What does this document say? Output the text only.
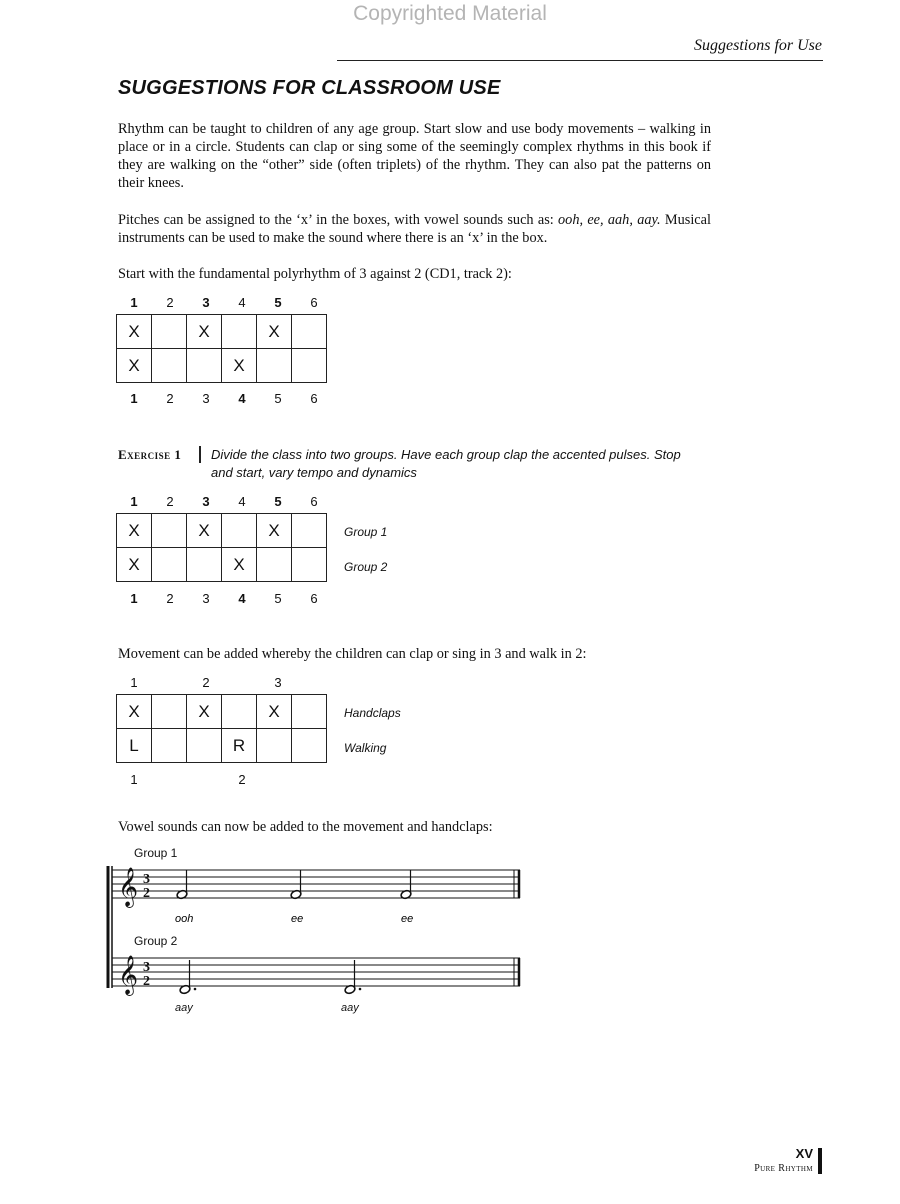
Copyrighted Material
Suggestions for Use
SUGGESTIONS FOR CLASSROOM USE

Rhythm can be taught to children of any age group. Start slow and use body movements – walking in place or in a circle. Students can clap or sing some of the seemingly complex rhythms in this book if they are walking on the “other” side (often triplets) of the rhythm. They can also pat the patterns on their knees.

Pitches can be assigned to the ‘x’ in the boxes, with vowel sounds such as: ooh, ee, aah, aay. Musical instruments can be used to make the sound where there is an ‘x’ in the box.

Start with the fundamental polyrhythm of 3 against 2 (CD1, track 2):

1	2	3	4	5	6
X		X		X	
X			X		
1	2	3	4	5	6
Exercise 1 Divide the class into two groups. Have each group clap the accented pulses. Stop and start, vary tempo and dynamics
1	2	3	4	5	6
X		X		X	
X			X		
Group 1
Group 2
1	2	3	4	5	6

Movement can be added whereby the children can clap or sing in 3 and walk in 2:

1	2	3
X		X		X	
L			R		
Handclaps
Walking
1	2

Vowel sounds can now be added to the movement and handclaps:

Group 1
Group 2
𝄞 3
2
ooh	ee	ee
𝄞 3
2
aay	aay
XV
Pure Rhythm
